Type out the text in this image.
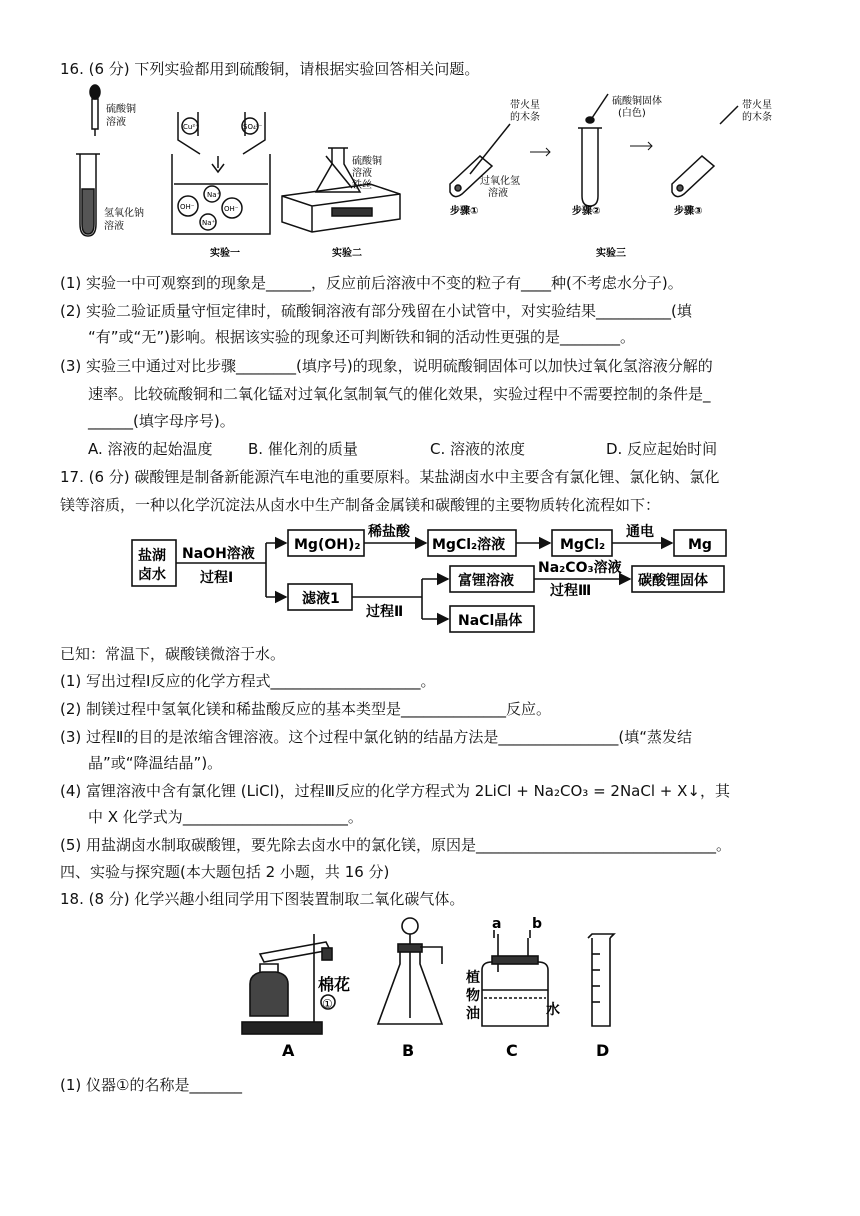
16. (6 分) 下列实验都用到硫酸铜，请根据实验回答相关问题。
硫酸铜
溶液
氢氧化钠
溶液
Cu²⁺	SO₄²⁻
OH⁻
Na⁺
OH⁻
Na⁺
实验一
硫酸铜
溶液
铁丝
实验二
带火星
的木条
过氧化氢
溶液
步骤①
硫酸铜固体
(白色)
步骤②
带火星
的木条
步骤③
实验三
(1) 实验一中可观察到的现象是______，反应前后溶液中不变的粒子有____种(不考虑水分子)。
(2) 实验二验证质量守恒定律时，硫酸铜溶液有部分残留在小试管中，对实验结果__________(填
“有”或“无”)影响。根据该实验的现象还可判断铁和铜的活动性更强的是________。
(3) 实验三中通过对比步骤________(填序号)的现象，说明硫酸铜固体可以加快过氧化氢溶液分解的
速率。比较硫酸铜和二氧化锰对过氧化氢制氧气的催化效果，实验过程中不需要控制的条件是_
______(填字母序号)。
A. 溶液的起始温度 B. 催化剂的质量	C. 溶液的浓度	D. 反应起始时间
17. (6 分) 碳酸锂是制备新能源汽车电池的重要原料。某盐湖卤水中主要含有氯化锂、氯化钠、氯化
镁等溶质，一种以化学沉淀法从卤水中生产制备金属镁和碳酸锂的主要物质转化流程如下：
盐湖
卤水
NaOH溶液
过程Ⅰ
Mg(OH)₂
稀盐酸
MgCl₂溶液	MgCl₂
通电
Mg
滤液1
过程Ⅱ
富锂溶液
Na₂CO₃溶液
过程Ⅲ
碳酸锂固体
NaCl晶体
已知：常温下，碳酸镁微溶于水。
(1) 写出过程Ⅰ反应的化学方程式____________________。
(2) 制镁过程中氢氧化镁和稀盐酸反应的基本类型是______________反应。
(3) 过程Ⅱ的目的是浓缩含锂溶液。这个过程中氯化钠的结晶方法是________________(填“蒸发结
晶”或“降温结晶”)。
(4) 富锂溶液中含有氯化锂 (LiCl)，过程Ⅲ反应的化学方程式为 2LiCl + Na₂CO₃ = 2NaCl + X↓，其
中 X 化学式为______________________。
(5) 用盐湖卤水制取碳酸锂，要先除去卤水中的氯化镁，原因是________________________________。
四、实验与探究题(本大题包括 2 小题，共 16 分)
18. (8 分) 化学兴趣小组同学用下图装置制取二氧化碳气体。
棉花
①
A	B
a b
植
物
油	水
C	D
(1) 仪器①的名称是_______
